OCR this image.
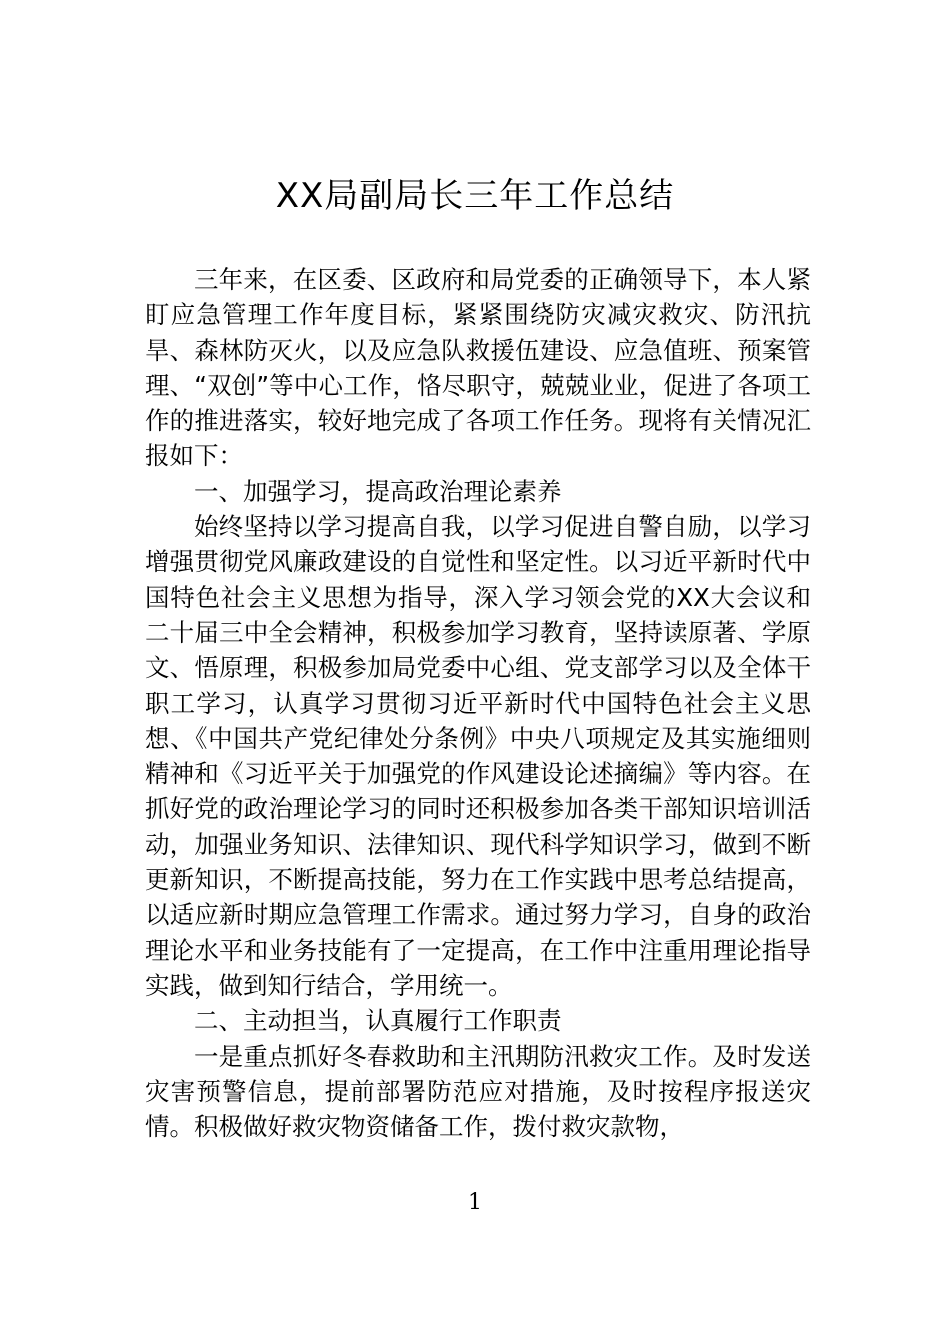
XX局副局长三年工作总结

三年来，在区委、区政府和局党委的正确领导下，本人紧盯应急管理工作年度目标，紧紧围绕防灾减灾救灾、防汛抗旱、森林防灭火，以及应急队救援伍建设、应急值班、预案管理、“双创”等中心工作，恪尽职守，兢兢业业，促进了各项工作的推进落实，较好地完成了各项工作任务。现将有关情况汇报如下：

一、加强学习，提高政治理论素养

始终坚持以学习提高自我，以学习促进自警自励，以学习增强贯彻党风廉政建设的自觉性和坚定性。以习近平新时代中国特色社会主义思想为指导，深入学习领会党的XX大会议和二十届三中全会精神，积极参加学习教育，坚持读原著、学原文、悟原理，积极参加局党委中心组、党支部学习以及全体干职工学习，认真学习贯彻习近平新时代中国特色社会主义思想、《中国共产党纪律处分条例》中央八项规定及其实施细则精神和《习近平关于加强党的作风建设论述摘编》等内容。在抓好党的政治理论学习的同时还积极参加各类干部知识培训活动，加强业务知识、法律知识、现代科学知识学习，做到不断更新知识，不断提高技能，努力在工作实践中思考总结提高，以适应新时期应急管理工作需求。通过努力学习，自身的政治理论水平和业务技能有了一定提高，在工作中注重用理论指导实践，做到知行结合，学用统一。

二、主动担当，认真履行工作职责

一是重点抓好冬春救助和主汛期防汛救灾工作。及时发送灾害预警信息，提前部署防范应对措施，及时按程序报送灾情。积极做好救灾物资储备工作，拨付救灾款物，

1
